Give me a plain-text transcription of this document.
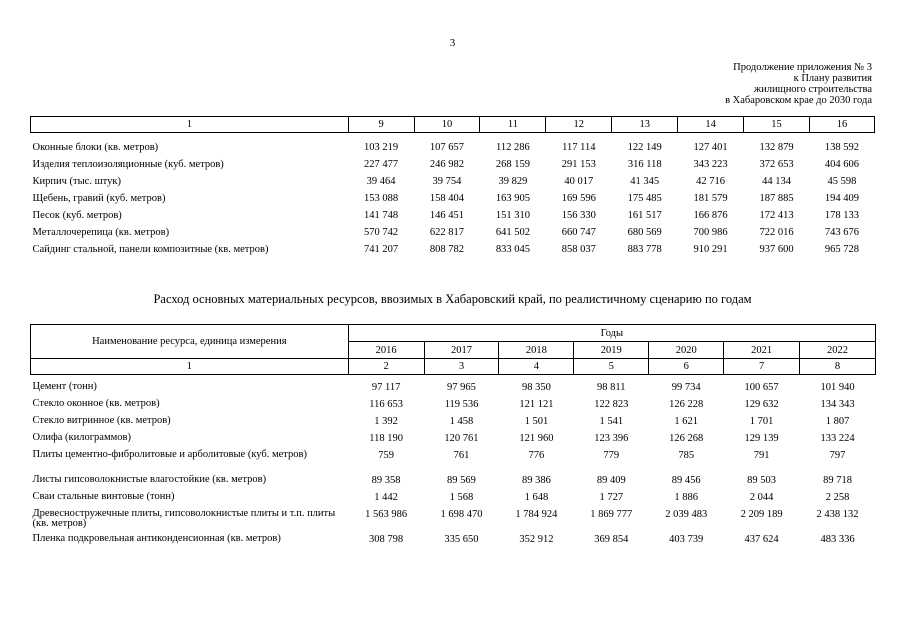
3
Продолжение приложения № 3
к Плану развития
жилищного строительства
в Хабаровском крае до 2030 года
1	9	10	11	12	13	14	15	16

Оконные блоки (кв. метров)	103 219	107 657	112 286	117 114	122 149	127 401	132 879	138 592
Изделия теплоизоляционные (куб. метров)	227 477	246 982	268 159	291 153	316 118	343 223	372 653	404 606
Кирпич (тыс. штук)	39 464	39 754	39 829	40 017	41 345	42 716	44 134	45 598
Щебень, гравий (куб. метров)	153 088	158 404	163 905	169 596	175 485	181 579	187 885	194 409
Песок (куб. метров)	141 748	146 451	151 310	156 330	161 517	166 876	172 413	178 133
Металлочерепица (кв. метров)	570 742	622 817	641 502	660 747	680 569	700 986	722 016	743 676
Сайдинг стальной, панели композитные (кв. метров)	741 207	808 782	833 045	858 037	883 778	910 291	937 600	965 728
Расход основных материальных ресурсов, ввозимых в Хабаровский край, по реалистичному сценарию по годам
Наименование ресурса, единица измерения	Годы						
	2016	2017	2018	2019	2020	2021	2022
1	2	3	4	5	6	7	8

Цемент (тонн)	97 117	97 965	98 350	98 811	99 734	100 657	101 940
Стекло оконное (кв. метров)	116 653	119 536	121 121	122 823	126 228	129 632	134 343
Стекло витринное (кв. метров)	1 392	1 458	1 501	1 541	1 621	1 701	1 807
Олифа (килограммов)	118 190	120 761	121 960	123 396	126 268	129 139	133 224
Плиты цементно-фибролитовые и арболитовые (куб. метров)	759	761	776	779	785	791	797
Листы гипсоволокнистые влагостойкие (кв. метров)	89 358	89 569	89 386	89 409	89 456	89 503	89 718
Сваи стальные винтовые (тонн)	1 442	1 568	1 648	1 727	1 886	2 044	2 258
Древесностружечные плиты, гипсоволокнистые плиты и т.п. плиты (кв. метров)	1 563 986	1 698 470	1 784 924	1 869 777	2 039 483	2 209 189	2 438 132
Пленка подкровельная антиконденсионная (кв. метров)	308 798	335 650	352 912	369 854	403 739	437 624	483 336
